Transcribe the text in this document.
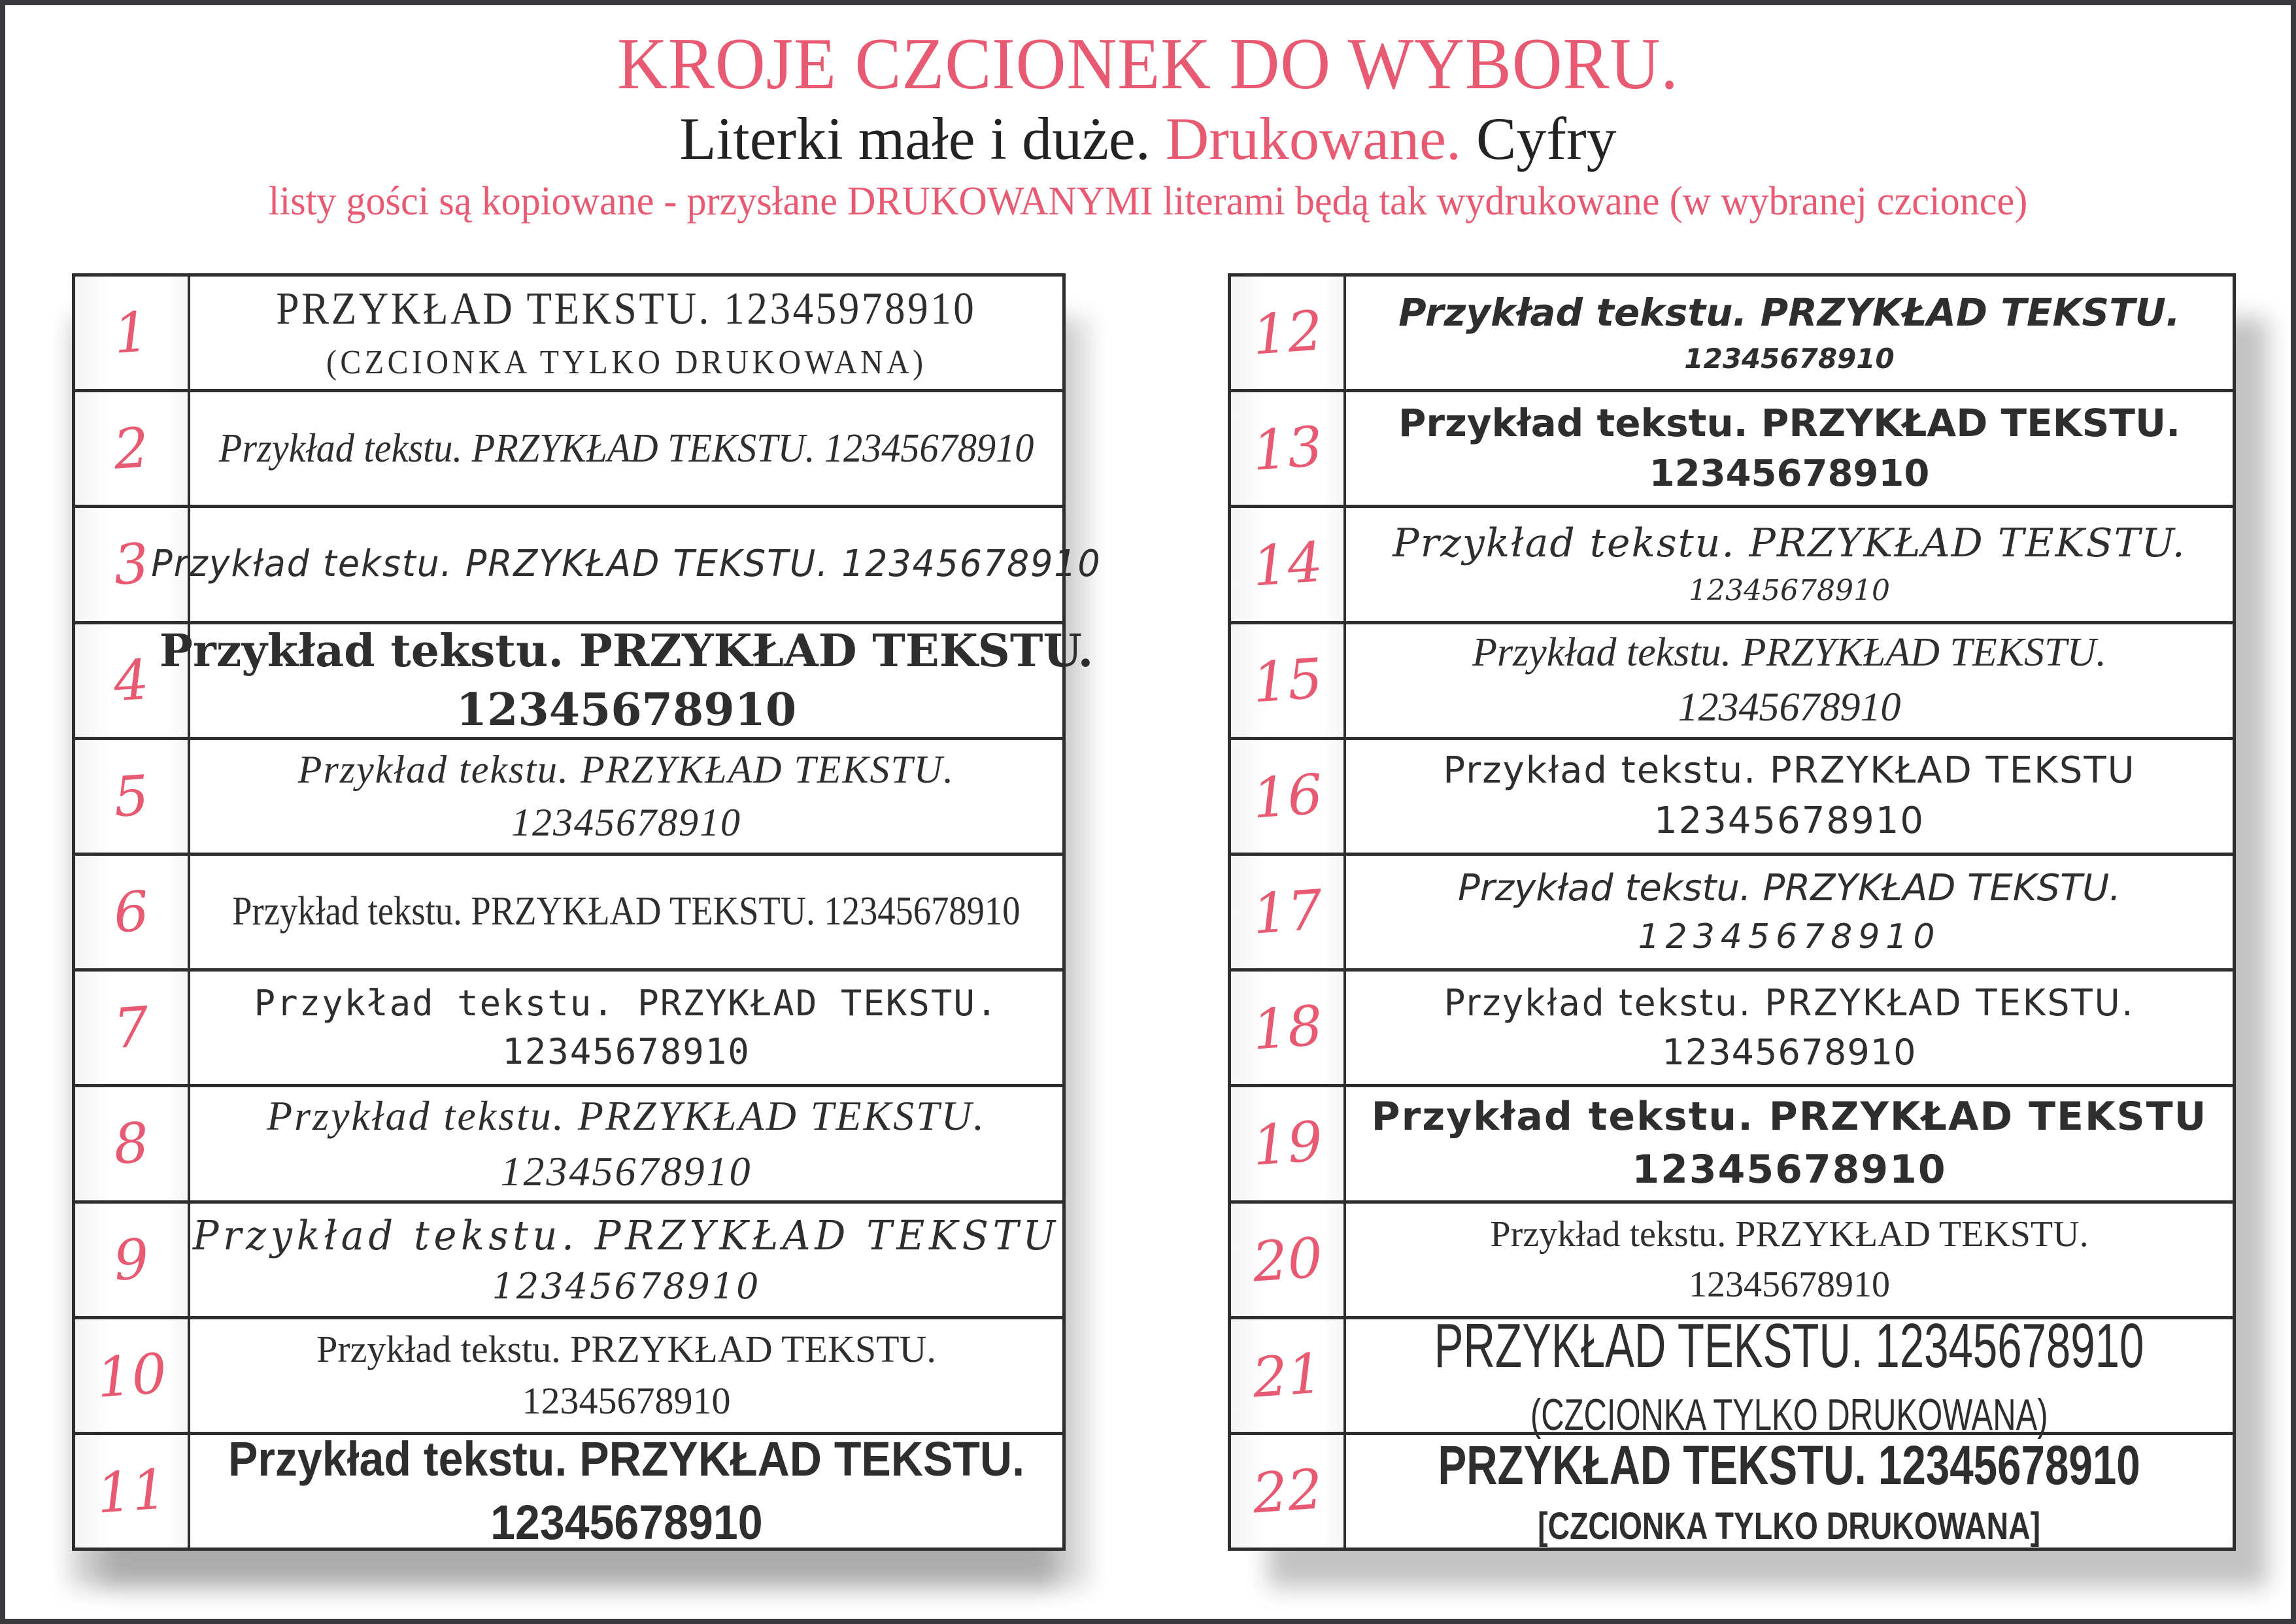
KROJE CZCIONEK DO WYBORU.
Literki małe i duże. Drukowane. Cyfry
listy gości są kopiowane - przysłane DRUKOWANYMI literami będą tak wydrukowane (w wybranej czcionce)
1	PRZYKŁAD TEKSTU. 12345978910
(CZCIONKA TYLKO DRUKOWANA)
2 Przykład tekstu. PRZYKŁAD TEKSTU. 12345678910
3 Przykład tekstu. PRZYKŁAD TEKSTU. 12345678910
4 Przykład tekstu. PRZYKŁAD TEKSTU.
12345678910
5	Przykład tekstu. PRZYKŁAD TEKSTU.
12345678910
6 Przykład tekstu. PRZYKŁAD TEKSTU. 12345678910
7	Przykład tekstu. PRZYKŁAD TEKSTU.
12345678910
8	Przykład tekstu. PRZYKŁAD TEKSTU.
12345678910
9 Przykład tekstu. PRZYKŁAD TEKSTU
12345678910
10	Przykład tekstu. PRZYKŁAD TEKSTU.
12345678910
11 Przykład tekstu. PRZYKŁAD TEKSTU.
12345678910
12 Przykład tekstu. PRZYKŁAD TEKSTU.
12345678910
13 Przykład tekstu. PRZYKŁAD TEKSTU.
12345678910
14 Przykład tekstu. PRZYKŁAD TEKSTU.
12345678910
15	Przykład tekstu. PRZYKŁAD TEKSTU.
12345678910
16	Przykład tekstu. PRZYKŁAD TEKSTU
12345678910
17	Przykład tekstu. PRZYKŁAD TEKSTU.
12345678910
18	Przykład tekstu. PRZYKŁAD TEKSTU.
12345678910
19 Przykład tekstu. PRZYKŁAD TEKSTU
12345678910
20	Przykład tekstu. PRZYKŁAD TEKSTU.
12345678910
21 PRZYKŁAD TEKSTU. 12345678910
(CZCIONKA TYLKO DRUKOWANA)
22 PRZYKŁAD TEKSTU. 12345678910
[CZCIONKA TYLKO DRUKOWANA]
